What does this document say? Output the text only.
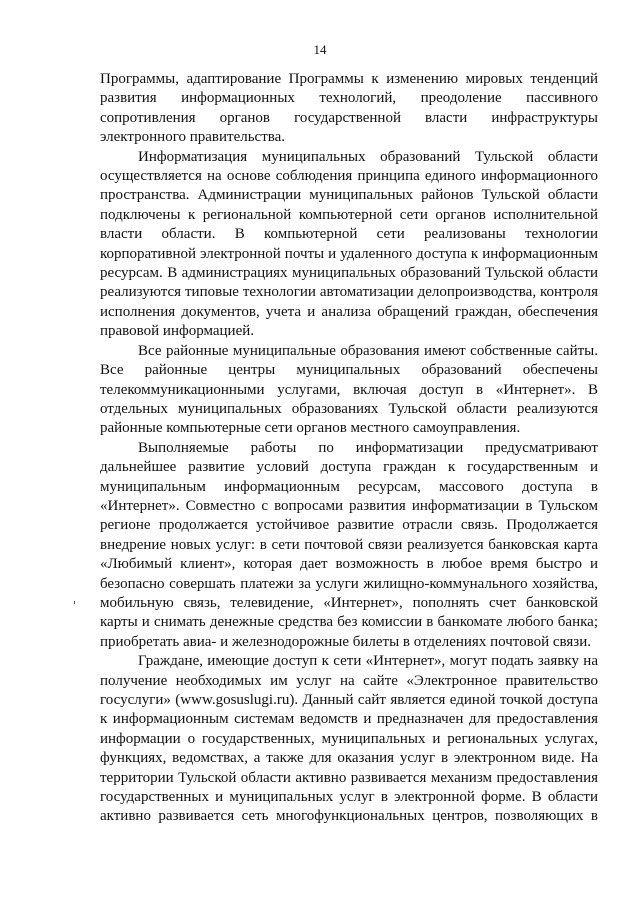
14

Программы, адаптирование Программы к изменению мировых тенденций
развития информационных технологий, преодоление пассивного
сопротивления органов государственной власти инфраструктуры
электронного правительства.

Информатизация муниципальных образований Тульской области
осуществляется на основе соблюдения принципа единого информационного
пространства. Администрации муниципальных районов Тульской области
подключены к региональной компьютерной сети органов исполнительной
власти области. В компьютерной сети реализованы технологии
корпоративной электронной почты и удаленного доступа к информационным
ресурсам. В администрациях муниципальных образований Тульской области
реализуются типовые технологии автоматизации делопроизводства, контроля
исполнения документов, учета и анализа обращений граждан, обеспечения
правовой информацией.

Все районные муниципальные образования имеют собственные сайты.
Все районные центры муниципальных образований обеспечены
телекоммуникационными услугами, включая доступ в «Интернет». В
отдельных муниципальных образованиях Тульской области реализуются
районные компьютерные сети органов местного самоуправления.

Выполняемые работы по информатизации предусматривают
дальнейшее развитие условий доступа граждан к государственным и
муниципальным информационным ресурсам, массового доступа в
«Интернет». Совместно с вопросами развития информатизации в Тульском
регионе продолжается устойчивое развитие отрасли связь. Продолжается
внедрение новых услуг: в сети почтовой связи реализуется банковская карта
«Любимый клиент», которая дает возможность в любое время быстро и
безопасно совершать платежи за услуги жилищно-коммунального хозяйства,
мобильную связь, телевидение, «Интернет», пополнять счет банковской
карты и снимать денежные средства без комиссии в банкомате любого банка;
приобретать авиа- и железнодорожные билеты в отделениях почтовой связи.

Граждане, имеющие доступ к сети «Интернет», могут подать заявку на
получение необходимых им услуг на сайте «Электронное правительство
госуслуги» (www.gosuslugi.ru). Данный сайт является единой точкой доступа
к информационным системам ведомств и предназначен для предоставления
информации о государственных, муниципальных и региональных услугах,
функциях, ведомствах, а также для оказания услуг в электронном виде. На
территории Тульской области активно развивается механизм предоставления
государственных и муниципальных услуг в электронной форме. В области
активно развивается сеть многофункциональных центров, позволяющих в
